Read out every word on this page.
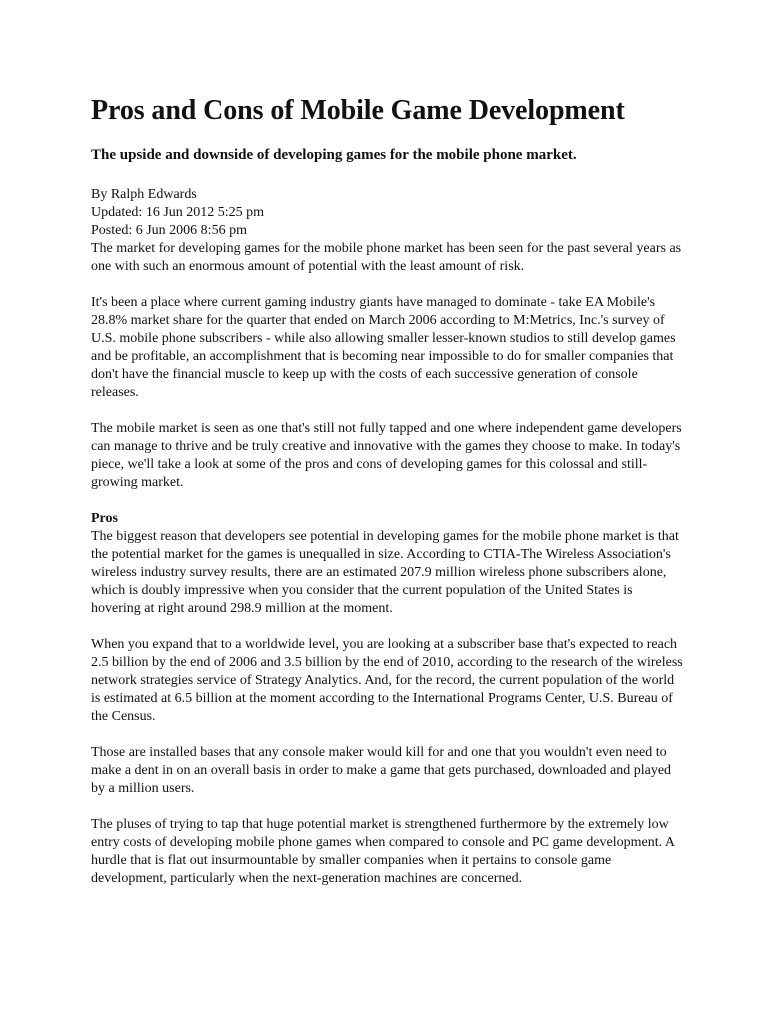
Pros and Cons of Mobile Game Development
The upside and downside of developing games for the mobile phone market.
By Ralph Edwards
Updated: 16 Jun 2012 5:25 pm
Posted: 6 Jun 2006 8:56 pm

The market for developing games for the mobile phone market has been seen for the past several years as one with such an enormous amount of potential with the least amount of risk.

It's been a place where current gaming industry giants have managed to dominate - take EA Mobile's 28.8% market share for the quarter that ended on March 2006 according to M:Metrics, Inc.'s survey of U.S. mobile phone subscribers - while also allowing smaller lesser-known studios to still develop games and be profitable, an accomplishment that is becoming near impossible to do for smaller companies that don't have the financial muscle to keep up with the costs of each successive generation of console releases.

The mobile market is seen as one that's still not fully tapped and one where independent game developers can manage to thrive and be truly creative and innovative with the games they choose to make. In today's piece, we'll take a look at some of the pros and cons of developing games for this colossal and still-growing market.

Pros

The biggest reason that developers see potential in developing games for the mobile phone market is that the potential market for the games is unequalled in size. According to CTIA-The Wireless Association's wireless industry survey results, there are an estimated 207.9 million wireless phone subscribers alone, which is doubly impressive when you consider that the current population of the United States is hovering at right around 298.9 million at the moment.

When you expand that to a worldwide level, you are looking at a subscriber base that's expected to reach 2.5 billion by the end of 2006 and 3.5 billion by the end of 2010, according to the research of the wireless network strategies service of Strategy Analytics. And, for the record, the current population of the world is estimated at 6.5 billion at the moment according to the International Programs Center, U.S. Bureau of the Census.

Those are installed bases that any console maker would kill for and one that you wouldn't even need to make a dent in on an overall basis in order to make a game that gets purchased, downloaded and played by a million users.

The pluses of trying to tap that huge potential market is strengthened furthermore by the extremely low entry costs of developing mobile phone games when compared to console and PC game development. A hurdle that is flat out insurmountable by smaller companies when it pertains to console game development, particularly when the next-generation machines are concerned.
